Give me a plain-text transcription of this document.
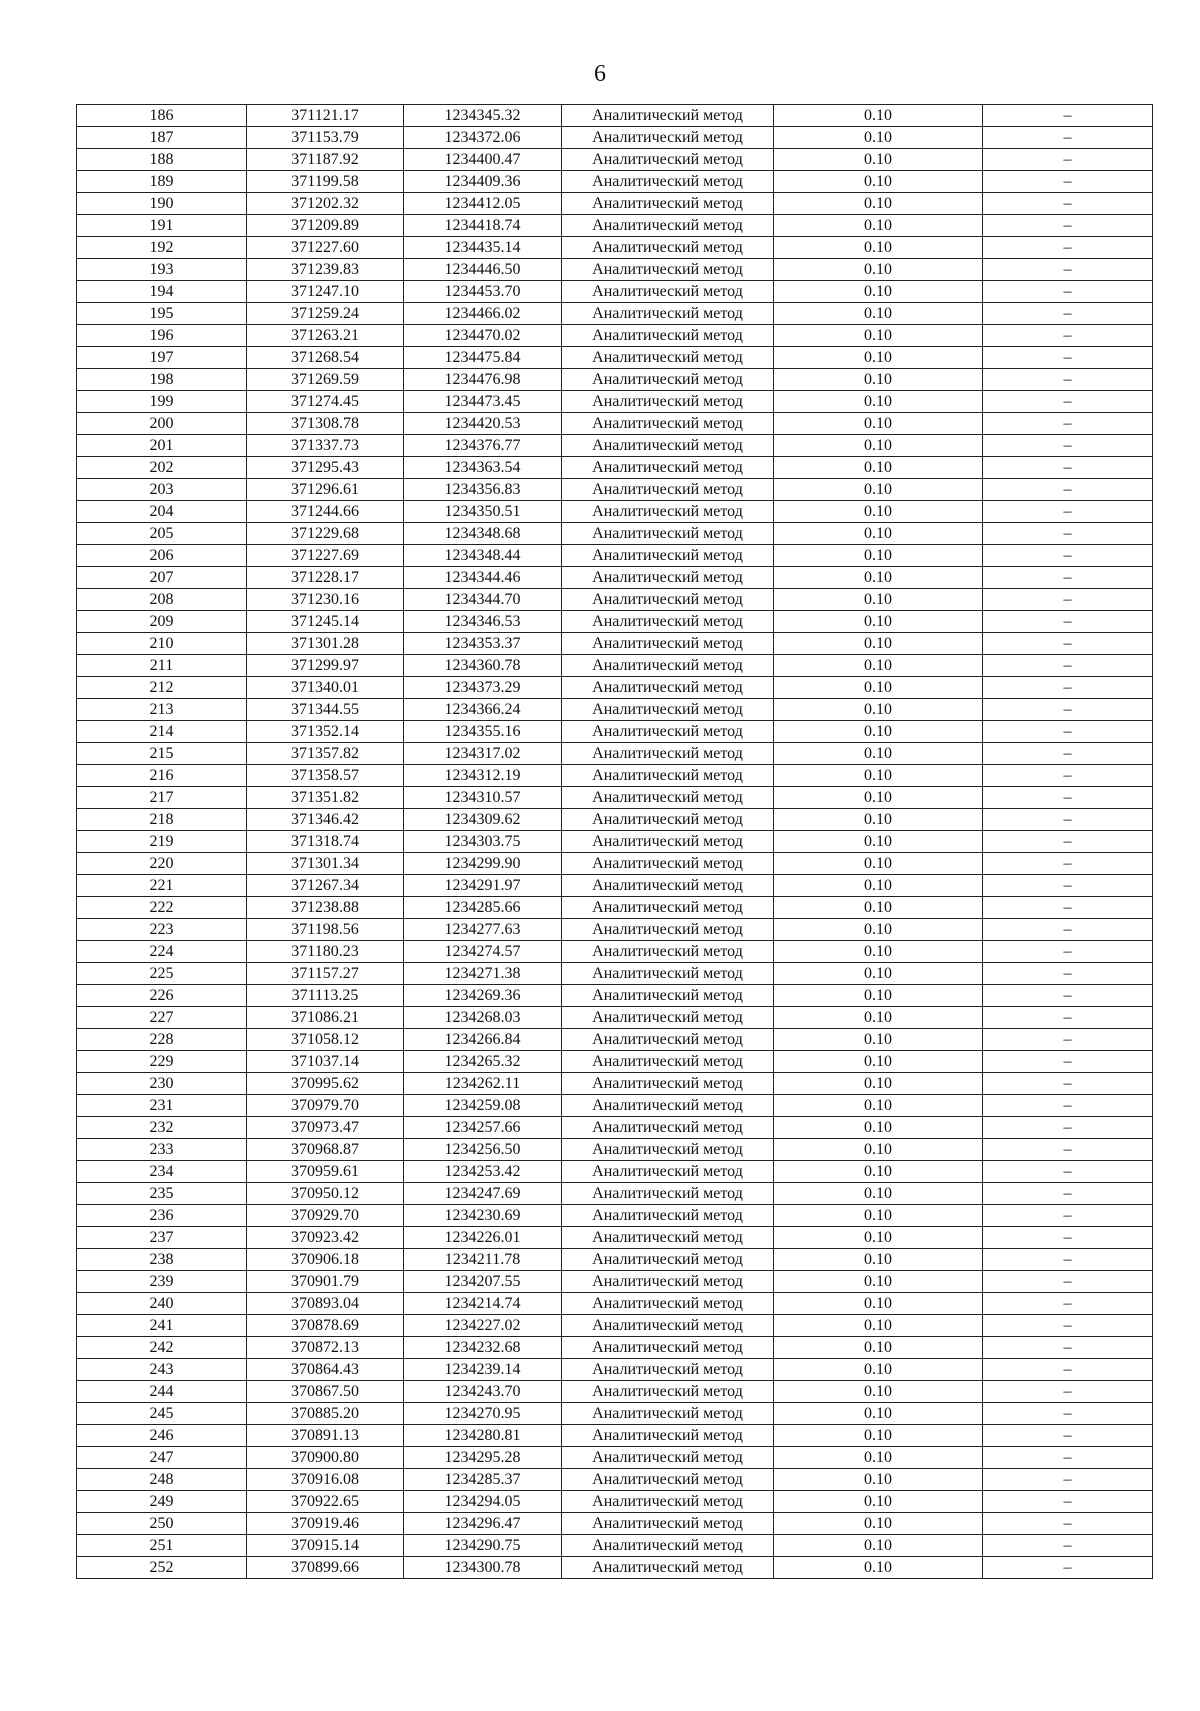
6
186	371121.17	1234345.32	Аналитический метод	0.10	–
187	371153.79	1234372.06	Аналитический метод	0.10	–
188	371187.92	1234400.47	Аналитический метод	0.10	–
189	371199.58	1234409.36	Аналитический метод	0.10	–
190	371202.32	1234412.05	Аналитический метод	0.10	–
191	371209.89	1234418.74	Аналитический метод	0.10	–
192	371227.60	1234435.14	Аналитический метод	0.10	–
193	371239.83	1234446.50	Аналитический метод	0.10	–
194	371247.10	1234453.70	Аналитический метод	0.10	–
195	371259.24	1234466.02	Аналитический метод	0.10	–
196	371263.21	1234470.02	Аналитический метод	0.10	–
197	371268.54	1234475.84	Аналитический метод	0.10	–
198	371269.59	1234476.98	Аналитический метод	0.10	–
199	371274.45	1234473.45	Аналитический метод	0.10	–
200	371308.78	1234420.53	Аналитический метод	0.10	–
201	371337.73	1234376.77	Аналитический метод	0.10	–
202	371295.43	1234363.54	Аналитический метод	0.10	–
203	371296.61	1234356.83	Аналитический метод	0.10	–
204	371244.66	1234350.51	Аналитический метод	0.10	–
205	371229.68	1234348.68	Аналитический метод	0.10	–
206	371227.69	1234348.44	Аналитический метод	0.10	–
207	371228.17	1234344.46	Аналитический метод	0.10	–
208	371230.16	1234344.70	Аналитический метод	0.10	–
209	371245.14	1234346.53	Аналитический метод	0.10	–
210	371301.28	1234353.37	Аналитический метод	0.10	–
211	371299.97	1234360.78	Аналитический метод	0.10	–
212	371340.01	1234373.29	Аналитический метод	0.10	–
213	371344.55	1234366.24	Аналитический метод	0.10	–
214	371352.14	1234355.16	Аналитический метод	0.10	–
215	371357.82	1234317.02	Аналитический метод	0.10	–
216	371358.57	1234312.19	Аналитический метод	0.10	–
217	371351.82	1234310.57	Аналитический метод	0.10	–
218	371346.42	1234309.62	Аналитический метод	0.10	–
219	371318.74	1234303.75	Аналитический метод	0.10	–
220	371301.34	1234299.90	Аналитический метод	0.10	–
221	371267.34	1234291.97	Аналитический метод	0.10	–
222	371238.88	1234285.66	Аналитический метод	0.10	–
223	371198.56	1234277.63	Аналитический метод	0.10	–
224	371180.23	1234274.57	Аналитический метод	0.10	–
225	371157.27	1234271.38	Аналитический метод	0.10	–
226	371113.25	1234269.36	Аналитический метод	0.10	–
227	371086.21	1234268.03	Аналитический метод	0.10	–
228	371058.12	1234266.84	Аналитический метод	0.10	–
229	371037.14	1234265.32	Аналитический метод	0.10	–
230	370995.62	1234262.11	Аналитический метод	0.10	–
231	370979.70	1234259.08	Аналитический метод	0.10	–
232	370973.47	1234257.66	Аналитический метод	0.10	–
233	370968.87	1234256.50	Аналитический метод	0.10	–
234	370959.61	1234253.42	Аналитический метод	0.10	–
235	370950.12	1234247.69	Аналитический метод	0.10	–
236	370929.70	1234230.69	Аналитический метод	0.10	–
237	370923.42	1234226.01	Аналитический метод	0.10	–
238	370906.18	1234211.78	Аналитический метод	0.10	–
239	370901.79	1234207.55	Аналитический метод	0.10	–
240	370893.04	1234214.74	Аналитический метод	0.10	–
241	370878.69	1234227.02	Аналитический метод	0.10	–
242	370872.13	1234232.68	Аналитический метод	0.10	–
243	370864.43	1234239.14	Аналитический метод	0.10	–
244	370867.50	1234243.70	Аналитический метод	0.10	–
245	370885.20	1234270.95	Аналитический метод	0.10	–
246	370891.13	1234280.81	Аналитический метод	0.10	–
247	370900.80	1234295.28	Аналитический метод	0.10	–
248	370916.08	1234285.37	Аналитический метод	0.10	–
249	370922.65	1234294.05	Аналитический метод	0.10	–
250	370919.46	1234296.47	Аналитический метод	0.10	–
251	370915.14	1234290.75	Аналитический метод	0.10	–
252	370899.66	1234300.78	Аналитический метод	0.10	–
